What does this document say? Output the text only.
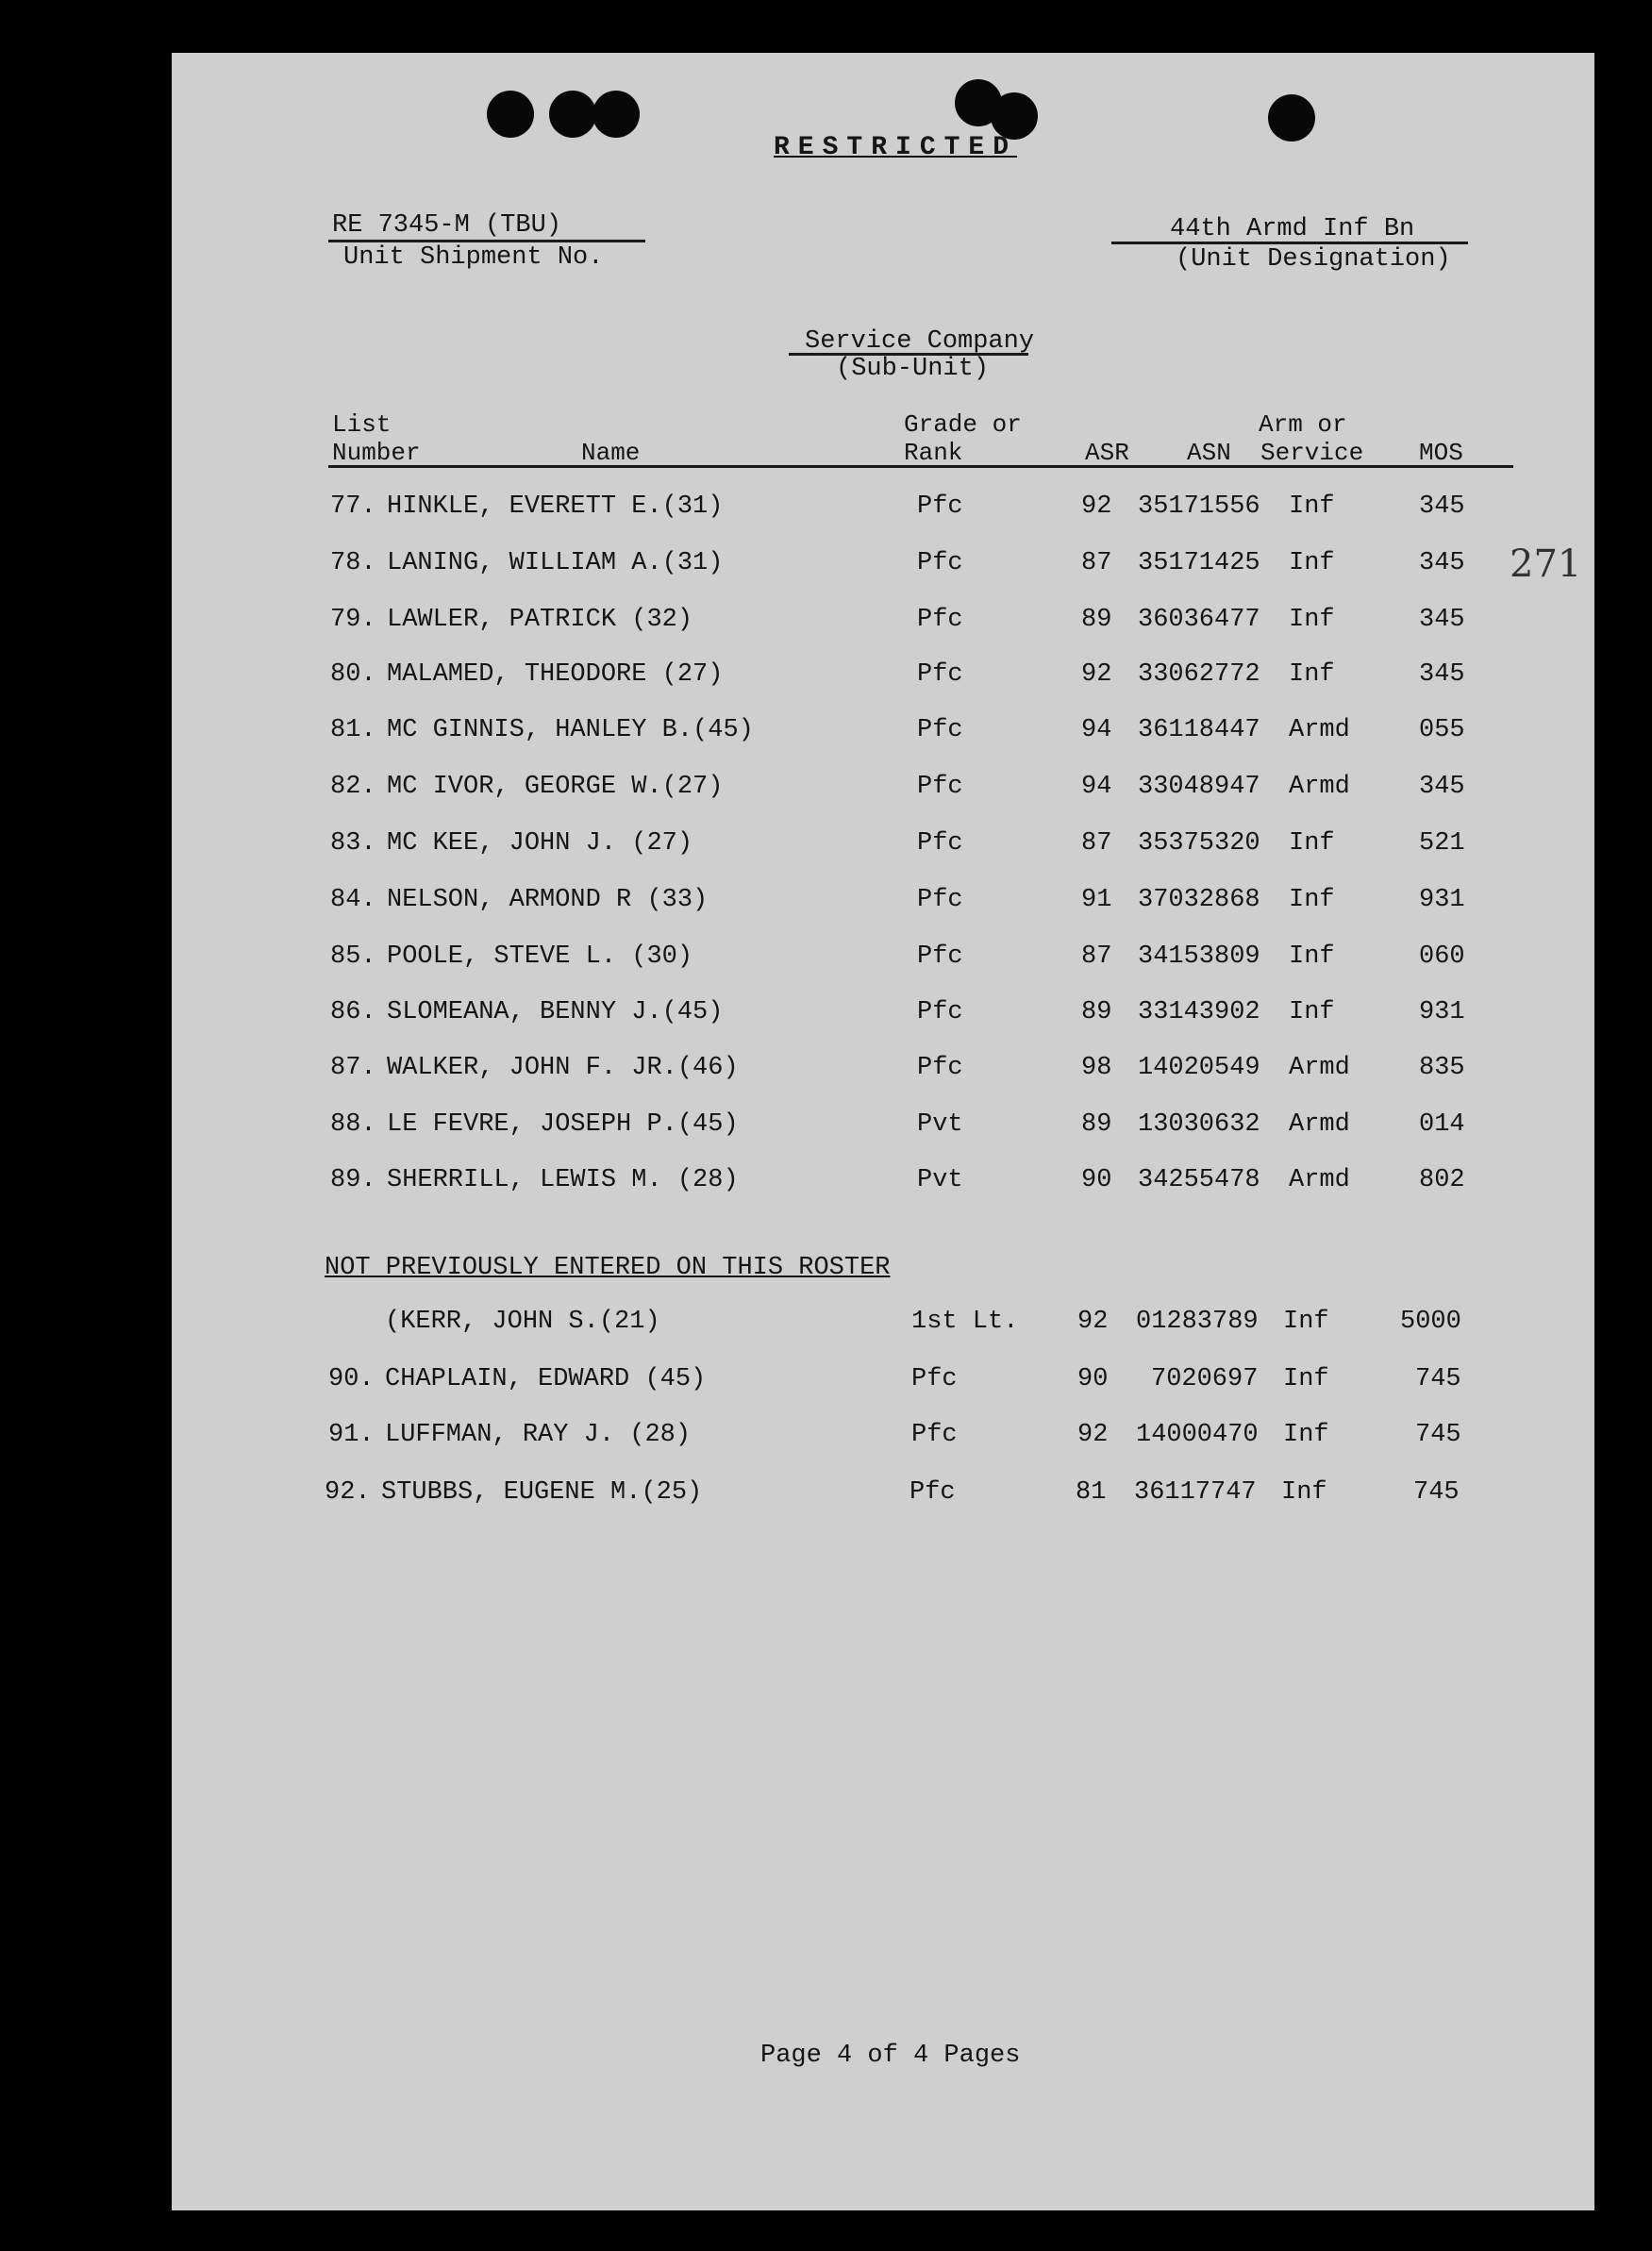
RESTRICTED
RE 7345-M (TBU)
Unit Shipment No.
44th Armd Inf Bn
(Unit Designation)
Service Company
(Sub-Unit)
List
Number	Name
Grade or
Rank	ASR ASN
Arm or
Service MOS
77. HINKLE, EVERETT E.(31)	Pfc	92 35171556 Inf	345
78. LANING, WILLIAM A.(31)	Pfc	87 35171425 Inf	345
79. LAWLER, PATRICK (32)	Pfc	89 36036477 Inf	345
80. MALAMED, THEODORE (27)	Pfc	92 33062772 Inf	345
81. MC GINNIS, HANLEY B.(45)	Pfc	94 36118447 Armd	055
82. MC IVOR, GEORGE W.(27)	Pfc	94 33048947 Armd	345
83. MC KEE, JOHN J. (27)	Pfc	87 35375320 Inf	521
84. NELSON, ARMOND R (33)	Pfc	91 37032868 Inf	931
85. POOLE, STEVE L. (30)	Pfc	87 34153809 Inf	060
86. SLOMEANA, BENNY J.(45)	Pfc	89 33143902 Inf	931
87. WALKER, JOHN F. JR.(46)	Pfc	98 14020549 Armd	835
88. LE FEVRE, JOSEPH P.(45)	Pvt	89 13030632 Armd	014
89. SHERRILL, LEWIS M. (28)	Pvt	90 34255478 Armd	802
NOT PREVIOUSLY ENTERED ON THIS ROSTER
(KERR, JOHN S.(21)	1st Lt. 92 01283789 Inf	5000
90. CHAPLAIN, EDWARD (45)	Pfc	90 7020697 Inf	745
91. LUFFMAN, RAY J. (28)	Pfc	92 14000470 Inf	745
92. STUBBS, EUGENE M.(25)	Pfc	81 36117747 Inf	745
271
Page 4 of 4 Pages
